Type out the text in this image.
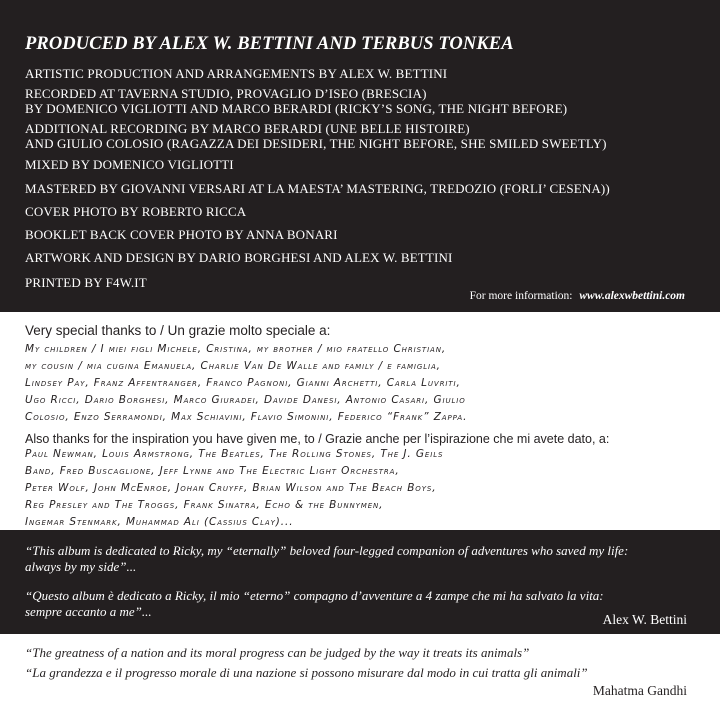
PRODUCED BY ALEX W. BETTINI AND TERBUS TONKEA
ARTISTIC PRODUCTION AND ARRANGEMENTS BY ALEX W. BETTINI
RECORDED AT TAVERNA STUDIO, PROVAGLIO D’ISEO (BRESCIA)
BY DOMENICO VIGLIOTTI AND MARCO BERARDI (RICKY’S SONG, THE NIGHT BEFORE)
ADDITIONAL RECORDING BY MARCO BERARDI (UNE BELLE HISTOIRE)
AND GIULIO COLOSIO (RAGAZZA DEI DESIDERI, THE NIGHT BEFORE, SHE SMILED SWEETLY)
MIXED BY DOMENICO VIGLIOTTI
MASTERED BY GIOVANNI VERSARI AT LA MAESTA’ MASTERING, TREDOZIO (FORLI’ CESENA))
COVER PHOTO BY ROBERTO RICCA
BOOKLET BACK COVER PHOTO BY ANNA BONARI
ARTWORK AND DESIGN BY DARIO BORGHESI AND ALEX W. BETTINI
PRINTED BY F4W.IT
For more information: www.alexwbettini.com
Very special thanks to / Un grazie molto speciale a:
My children / I miei figli Michele, Cristina, my brother / mio fratello Christian,
my cousin / mia cugina Emanuela, Charlie Van De Walle and family / e famiglia,
Lindsey Pay, Franz Affentranger, Franco Pagnoni, Gianni Archetti, Carla Luvriti,
Ugo Ricci, Dario Borghesi, Marco Giuradei, Davide Danesi, Antonio Casari, Giulio
Colosio, Enzo Serramondi, Max Schiavini, Flavio Simonini, Federico “Frank” Zappa.
Also thanks for the inspiration you have given me, to / Grazie anche per l’ispirazione che mi avete dato, a:
Paul Newman, Louis Armstrong, The Beatles, The Rolling Stones, The J. Geils
Band, Fred Buscaglione, Jeff Lynne and The Electric Light Orchestra,
Peter Wolf, John McEnroe, Johan Cruyff, Brian Wilson and The Beach Boys,
Reg Presley and The Troggs, Frank Sinatra, Echo & the Bunnymen,
Ingemar Stenmark, Muhammad Ali (Cassius Clay)...
“This album is dedicated to Ricky, my “eternally” beloved four-legged companion of adventures who saved my life:
always by my side”...
“Questo album è dedicato a Ricky, il mio “eterno” compagno d’avventure a 4 zampe che mi ha salvato la vita:
sempre accanto a me”...
Alex W. Bettini
“The greatness of a nation and its moral progress can be judged by the way it treats its animals”
“La grandezza e il progresso morale di una nazione si possono misurare dal modo in cui tratta gli animali”
Mahatma Gandhi
